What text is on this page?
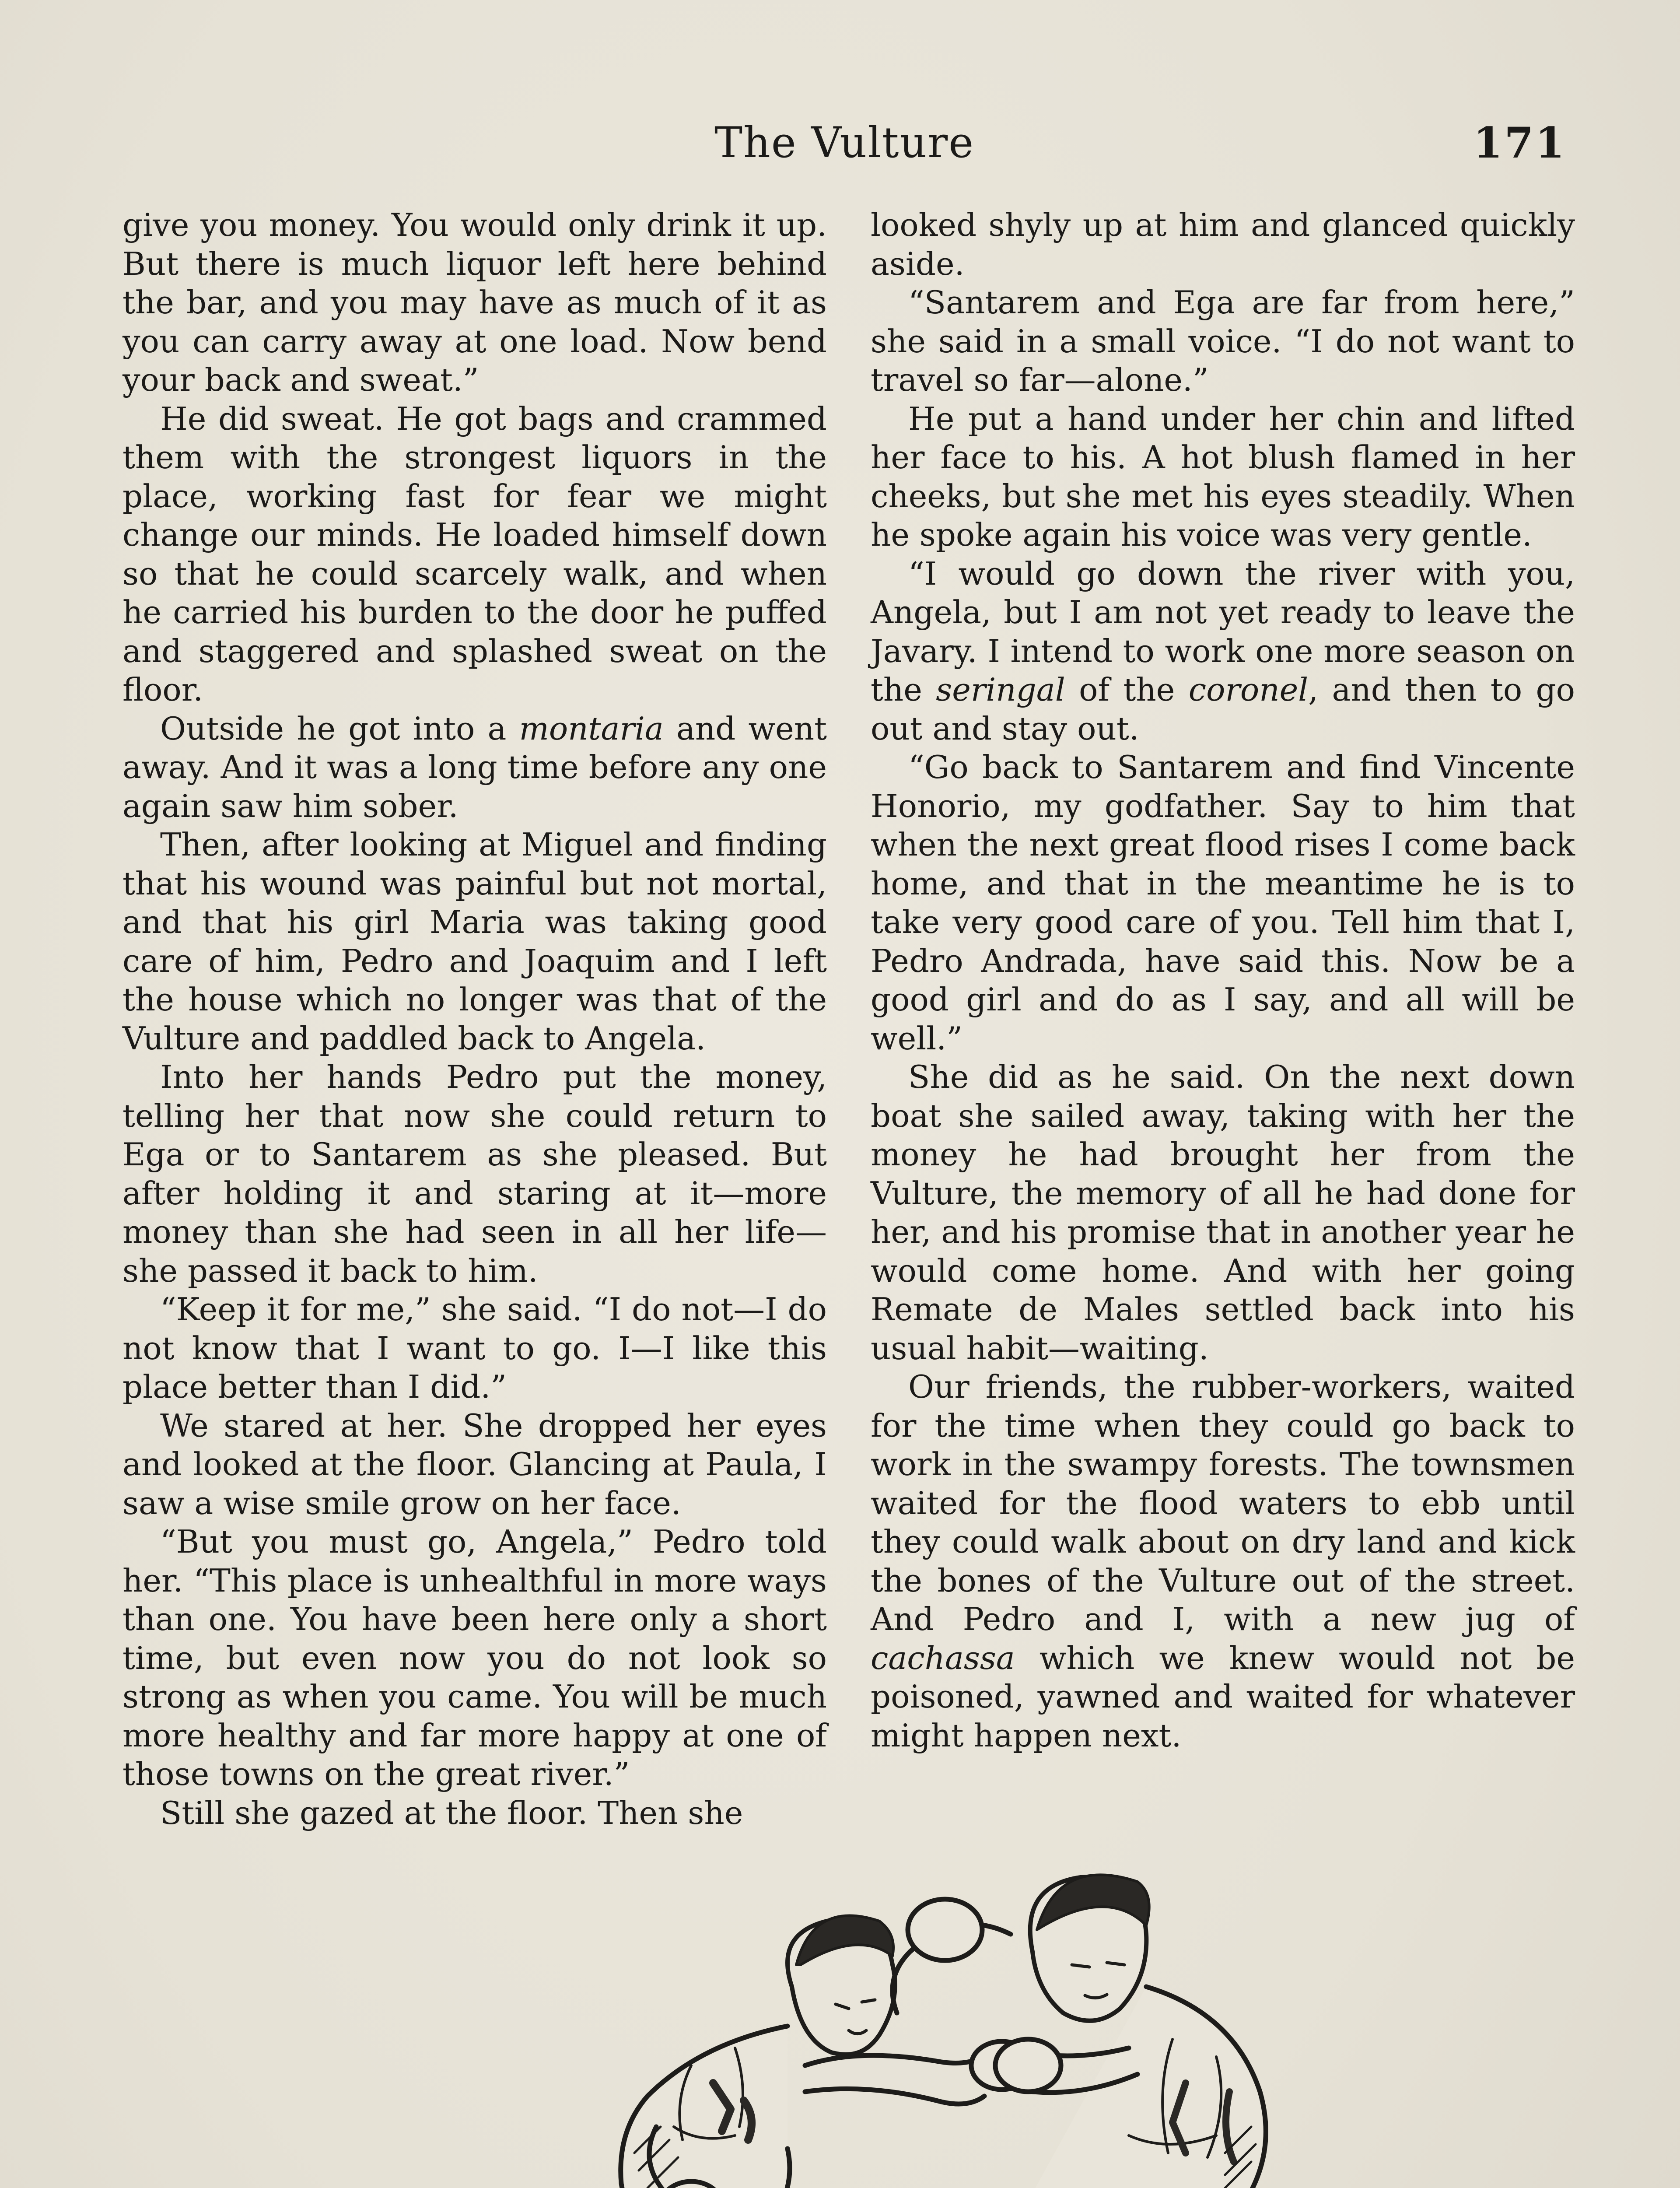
The Vulture	171

give you money. You would only drink it up. But there is much liquor left here behind the bar, and you may have as much of it as you can carry away at one load. Now bend your back and sweat.”

He did sweat. He got bags and crammed them with the strongest liquors in the place, working fast for fear we might change our minds. He loaded himself down so that he could scarcely walk, and when he carried his burden to the door he puffed and staggered and splashed sweat on the floor.

Outside he got into a montaria and went away. And it was a long time before any one again saw him sober.

Then, after looking at Miguel and finding that his wound was painful but not mortal, and that his girl Maria was taking good care of him, Pedro and Joaquim and I left the house which no longer was that of the Vulture and paddled back to Angela.

Into her hands Pedro put the money, telling her that now she could return to Ega or to Santarem as she pleased. But after holding it and staring at it—more money than she had seen in all her life—she passed it back to him.

“Keep it for me,” she said. “I do not—I do not know that I want to go. I—I like this place better than I did.”

We stared at her. She dropped her eyes and looked at the floor. Glancing at Paula, I saw a wise smile grow on her face.

“But you must go, Angela,” Pedro told her. “This place is unhealthful in more ways than one. You have been here only a short time, but even now you do not look so strong as when you came. You will be much more healthy and far more happy at one of those towns on the great river.”

Still she gazed at the floor. Then she

looked shyly up at him and glanced quickly aside.

“Santarem and Ega are far from here,” she said in a small voice. “I do not want to travel so far—alone.”

He put a hand under her chin and lifted her face to his. A hot blush flamed in her cheeks, but she met his eyes steadily. When he spoke again his voice was very gentle.

“I would go down the river with you, Angela, but I am not yet ready to leave the Javary. I intend to work one more season on the seringal of the coronel, and then to go out and stay out.

“Go back to Santarem and find Vincente Honorio, my godfather. Say to him that when the next great flood rises I come back home, and that in the meantime he is to take very good care of you. Tell him that I, Pedro Andrada, have said this. Now be a good girl and do as I say, and all will be well.”

She did as he said. On the next down boat she sailed away, taking with her the money he had brought her from the Vulture, the memory of all he had done for her, and his promise that in another year he would come home. And with her going Remate de Males settled back into his usual habit—waiting.

Our friends, the rubber-workers, waited for the time when they could go back to work in the swampy forests. The townsmen waited for the flood waters to ebb until they could walk about on dry land and kick the bones of the Vulture out of the street. And Pedro and I, with a new jug of cachassa which we knew would not be poisoned, yawned and waited for whatever might happen next.
